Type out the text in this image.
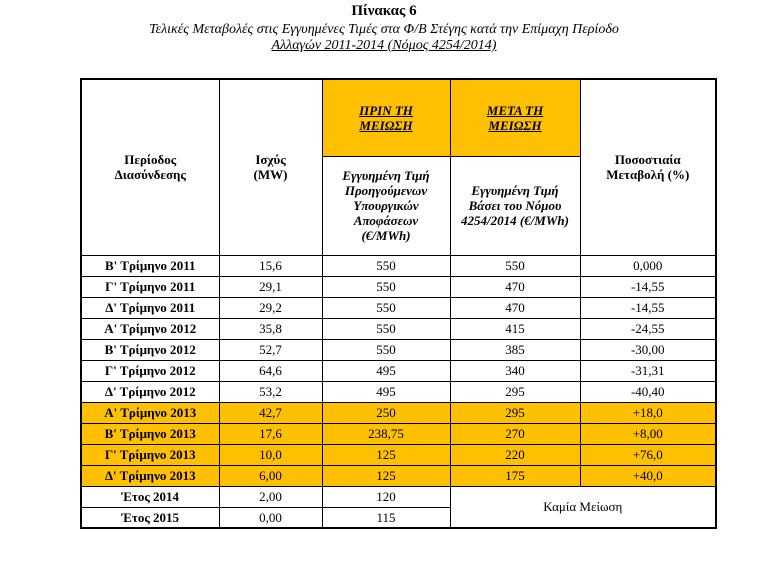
Πίνακας 6
Τελικές Μεταβολές στις Εγγυημένες Τιμές στα Φ/Β Στέγης κατά την Επίμαχη Περίοδο
Αλλαγών 2011-2014 (Νόμος 4254/2014)
Περίοδος Διασύνδεσης	Ισχύς (MW)	ΠΡΙΝ ΤΗ ΜΕΙΩΣΗ	ΜΕΤΑ ΤΗ ΜΕΙΩΣΗ	Ποσοστιαία Μεταβολή (%)
		Εγγυημένη Τιμή Προηγούμενων Υπουργικών Αποφάσεων (€/MWh)	Εγγυημένη Τιμή Βάσει του Νόμου 4254/2014 (€/MWh)	
Β' Τρίμηνο 2011	15,6	550	550	0,000
Γ' Τρίμηνο 2011	29,1	550	470	-14,55
Δ' Τρίμηνο 2011	29,2	550	470	-14,55
Α' Τρίμηνο 2012	35,8	550	415	-24,55
Β' Τρίμηνο 2012	52,7	550	385	-30,00
Γ' Τρίμηνο 2012	64,6	495	340	-31,31
Δ' Τρίμηνο 2012	53,2	495	295	-40,40
Α' Τρίμηνο 2013	42,7	250	295	+18,0
Β' Τρίμηνο 2013	17,6	238,75	270	+8,00
Γ' Τρίμηνο 2013	10,0	125	220	+76,0
Δ' Τρίμηνο 2013	6,00	125	175	+40,0
Έτος 2014	2,00	120	Καμία Μείωση	
Έτος 2015	0,00	115		
